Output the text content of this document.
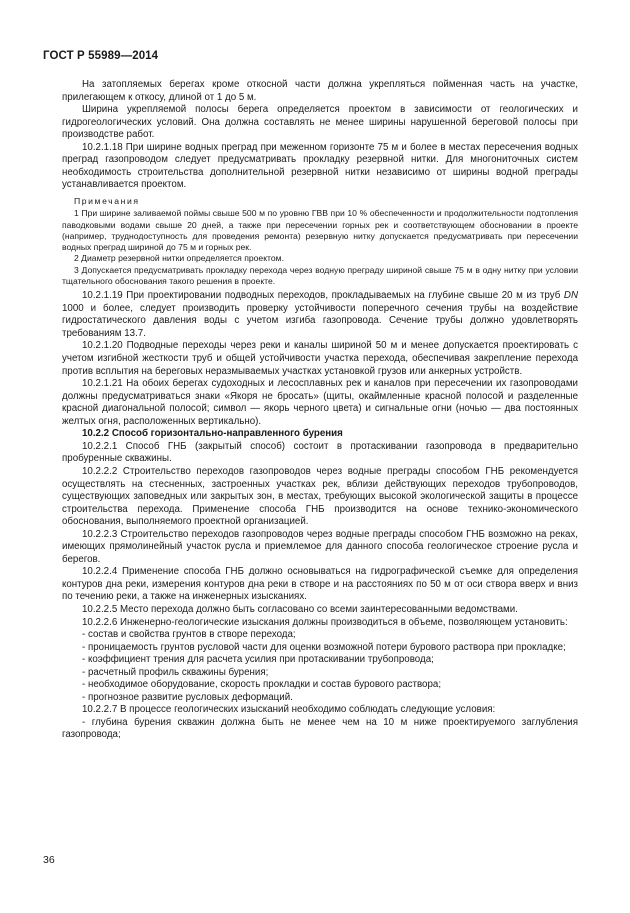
ГОСТ Р 55989—2014

На затопляемых берегах кроме откосной части должна укрепляться пойменная часть на участке, прилегающем к откосу, длиной от 1 до 5 м.

Ширина укрепляемой полосы берега определяется проектом в зависимости от геологических и гидрогеологических условий. Она должна составлять не менее ширины нарушенной береговой полосы при производстве работ.

10.2.1.18 При ширине водных преград при меженном горизонте 75 м и более в местах пересечения водных преград газопроводом следует предусматривать прокладку резервной нитки. Для многониточных систем необходимость строительства дополнительной резервной нитки независимо от ширины водной преграды устанавливается проектом.

Примечания

1 При ширине заливаемой поймы свыше 500 м по уровню ГВВ при 10 % обеспеченности и продолжительности подтопления паводковыми водами свыше 20 дней, а также при пересечении горных рек и соответствующем обосновании в проекте (например, труднодоступность для проведения ремонта) резервную нитку допускается предусматривать при пересечении водных преград шириной до 75 м и горных рек.

2 Диаметр резервной нитки определяется проектом.

3 Допускается предусматривать прокладку перехода через водную преграду шириной свыше 75 м в одну нитку при условии тщательного обоснования такого решения в проекте.

10.2.1.19 При проектировании подводных переходов, прокладываемых на глубине свыше 20 м из труб DN 1000 и более, следует производить проверку устойчивости поперечного сечения трубы на воздействие гидростатического давления воды с учетом изгиба газопровода. Сечение трубы должно удовлетворять требованиям 13.7.

10.2.1.20 Подводные переходы через реки и каналы шириной 50 м и менее допускается проектировать с учетом изгибной жесткости труб и общей устойчивости участка перехода, обеспечивая закрепление перехода против всплытия на береговых неразмываемых участках установкой грузов или анкерных устройств.

10.2.1.21 На обоих берегах судоходных и лесосплавных рек и каналов при пересечении их газопроводами должны предусматриваться знаки «Якоря не бросать» (щиты, окаймленные красной полосой и разделенные красной диагональной полосой; символ — якорь черного цвета) и сигнальные огни (ночью — два постоянных желтых огня, расположенных вертикально).

10.2.2 Способ горизонтально-направленного бурения

10.2.2.1 Способ ГНБ (закрытый способ) состоит в протаскивании газопровода в предварительно пробуренные скважины.

10.2.2.2 Строительство переходов газопроводов через водные преграды способом ГНБ рекомендуется осуществлять на стесненных, застроенных участках рек, вблизи действующих переходов трубопроводов, существующих заповедных или закрытых зон, в местах, требующих высокой экологической защиты в процессе строительства перехода. Применение способа ГНБ производится на основе технико-экономического обоснования, выполняемого проектной организацией.

10.2.2.3 Строительство переходов газопроводов через водные преграды способом ГНБ возможно на реках, имеющих прямолинейный участок русла и приемлемое для данного способа геологическое строение русла и берегов.

10.2.2.4 Применение способа ГНБ должно основываться на гидрографической съемке для определения контуров дна реки, измерения контуров дна реки в створе и на расстояниях по 50 м от оси створа вверх и вниз по течению реки, а также на инженерных изысканиях.

10.2.2.5 Место перехода должно быть согласовано со всеми заинтересованными ведомствами.

10.2.2.6 Инженерно-геологические изыскания должны производиться в объеме, позволяющем установить:

- состав и свойства грунтов в створе перехода;

- проницаемость грунтов русловой части для оценки возможной потери бурового раствора при прокладке;

- коэффициент трения для расчета усилия при протаскивании трубопровода;

- расчетный профиль скважины бурения;

- необходимое оборудование, скорость прокладки и состав бурового раствора;

- прогнозное развитие русловых деформаций.

10.2.2.7 В процессе геологических изысканий необходимо соблюдать следующие условия:

- глубина бурения скважин должна быть не менее чем на 10 м ниже проектируемого заглубления газопровода;

36
